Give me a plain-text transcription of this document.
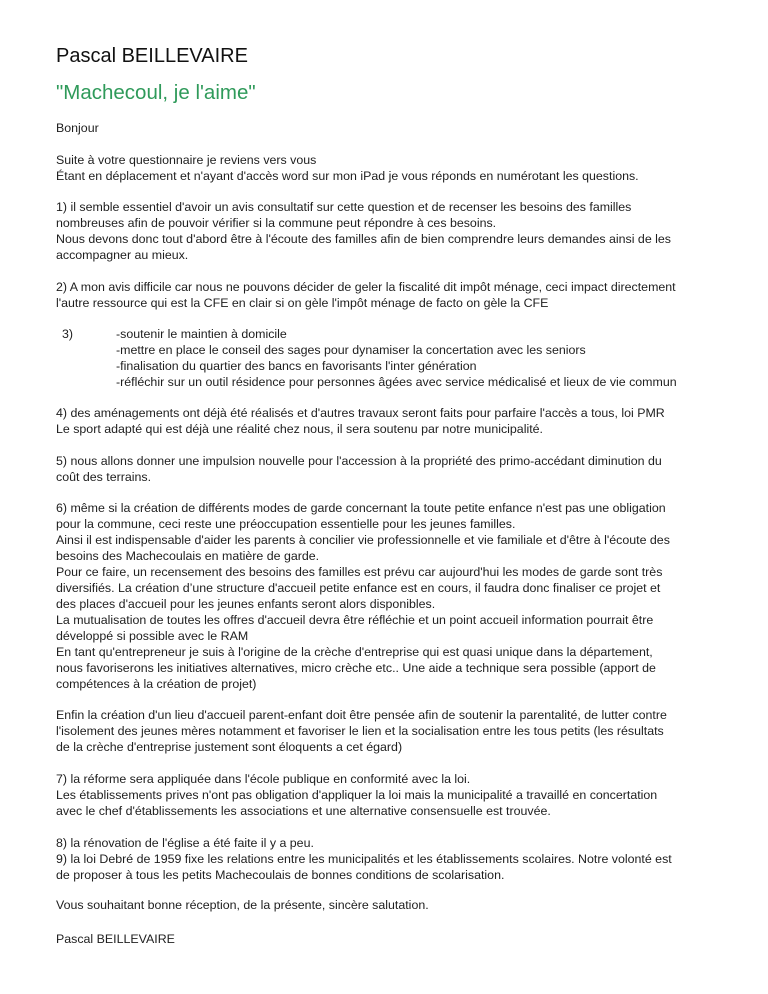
Pascal BEILLEVAIRE
"Machecoul, je l'aime"
Bonjour
Suite à votre questionnaire je reviens vers vous
Étant en déplacement et n'ayant d'accès word sur mon iPad je vous réponds en numérotant les questions.
1) il semble essentiel d'avoir un avis consultatif sur cette question et de recenser les besoins des familles
nombreuses afin de pouvoir vérifier si la commune peut répondre à ces besoins.
Nous devons donc tout d'abord être à l'écoute des familles afin de bien comprendre leurs demandes ainsi de les
accompagner au mieux.
2) A mon avis difficile car nous ne pouvons décider de geler la fiscalité dit impôt ménage, ceci impact directement
l'autre ressource qui est la CFE en clair si on gèle l'impôt ménage de facto on gèle la CFE
3)	-soutenir le maintien à domicile
-mettre en place le conseil des sages pour dynamiser la concertation avec les seniors
-finalisation du quartier des bancs en favorisants l'inter génération
-réfléchir sur un outil résidence pour personnes âgées avec service médicalisé et lieux de vie commun
4) des aménagements ont déjà été réalisés et d'autres travaux seront faits pour parfaire l'accès a tous, loi PMR
Le sport adapté qui est déjà une réalité chez nous, il sera soutenu par notre municipalité.
5) nous allons donner une impulsion nouvelle pour l'accession à la propriété des primo-accédant diminution du
coût des terrains.
6) même si la création de différents modes de garde concernant la toute petite enfance n'est pas une obligation
pour la commune, ceci reste une préoccupation essentielle pour les jeunes familles.
Ainsi il est indispensable d'aider les parents à concilier vie professionnelle et vie familiale et d'être à l'écoute des
besoins des Machecoulais en matière de garde.
Pour ce faire, un recensement des besoins des familles est prévu car aujourd'hui les modes de garde sont très
diversifiés. La création d’une structure d'accueil petite enfance est en cours, il faudra donc finaliser ce projet et
des places d'accueil pour les jeunes enfants seront alors disponibles.
La mutualisation de toutes les offres d'accueil devra être réfléchie et un point accueil information pourrait être
développé si possible avec le RAM
En tant qu'entrepreneur je suis à l'origine de la crèche d'entreprise qui est quasi unique dans la département,
nous favoriserons les initiatives alternatives, micro crèche etc.. Une aide a technique sera possible (apport de
compétences à la création de projet)
Enfin la création d'un lieu d'accueil parent-enfant doit être pensée afin de soutenir la parentalité, de lutter contre
l'isolement des jeunes mères notamment et favoriser le lien et la socialisation entre les tous petits (les résultats
de la crèche d'entreprise justement sont éloquents a cet égard)
7) la réforme sera appliquée dans l'école publique en conformité avec la loi.
Les établissements prives n'ont pas obligation d'appliquer la loi mais la municipalité a travaillé en concertation
avec le chef d'établissements les associations et une alternative consensuelle est trouvée.
8) la rénovation de l'église a été faite il y a peu.
9) la loi Debré de 1959 fixe les relations entre les municipalités et les établissements scolaires. Notre volonté est
de proposer à tous les petits Machecoulais de bonnes conditions de scolarisation.
Vous souhaitant bonne réception, de la présente, sincère salutation.
Pascal BEILLEVAIRE
